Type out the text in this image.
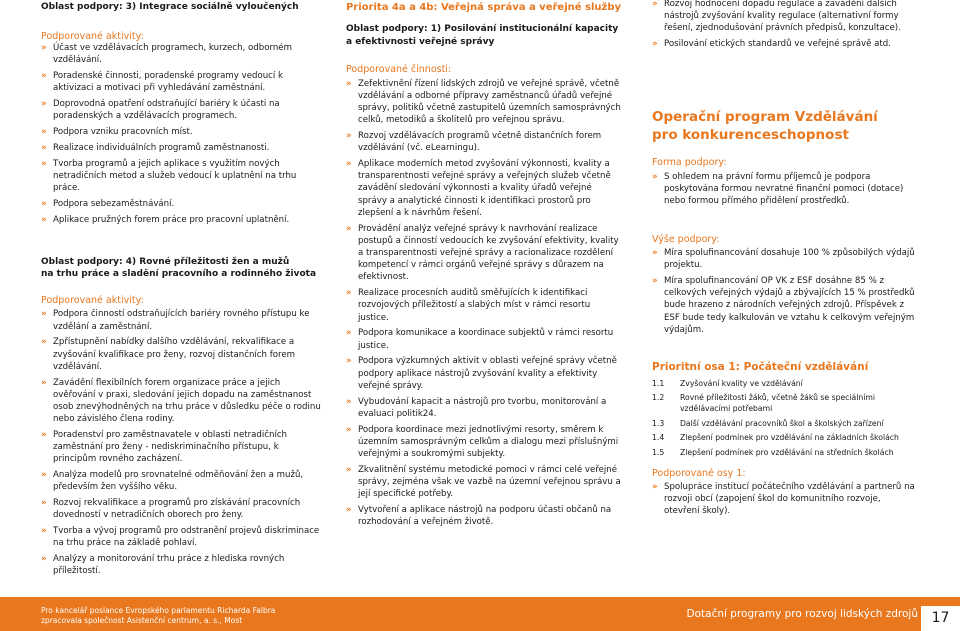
Oblast podpory: 3) Integrace sociálně vyloučených
Podporované aktivity:
» Účast ve vzdělávacích programech, kurzech, odborném vzdělávání.
» Poradenské činnosti, poradenské programy vedoucí k aktivizaci a motivaci při vyhledávání zaměstnání.
» Doprovodná opatření odstraňující bariéry k účasti na poradenských a vzdělávacích programech.
» Podpora vzniku pracovních míst.
» Realizace individuálních programů zaměstnanosti.
» Tvorba programů a jejich aplikace s využitím nových netradičních metod a služeb vedoucí k uplatnění na trhu práce.
» Podpora sebezaměstnávání.
» Aplikace pružných forem práce pro pracovní uplatnění.
Oblast podpory: 4) Rovné příležitosti žen a mužů
na trhu práce a sladění pracovního a rodinného života
Podporované aktivity:
» Podpora činností odstraňujících bariéry rovného přístupu ke vzdělání a zaměstnání.
» Zpřístupnění nabídky dalšího vzdělávání, rekvalifikace a zvyšování kvalifikace pro ženy, rozvoj distančních forem vzdělávání.
» Zavádění flexibilních forem organizace práce a jejich ověřování v praxi, sledování jejich dopadu na zaměstnanost osob znevýhodněných na trhu práce v důsledku péče o rodinu nebo závislého člena rodiny.
» Poradenství pro zaměstnavatele v oblasti netradičních zaměstnání pro ženy - nediskriminačního přístupu, k principům rovného zacházení.
» Analýza modelů pro srovnatelné odměňování žen a mužů, především žen vyššího věku.
» Rozvoj rekvalifikace a programů pro získávání pracovních dovedností v netradičních oborech pro ženy.
» Tvorba a vývoj programů pro odstranění projevů diskriminace na trhu práce na základě pohlaví.
» Analýzy a monitorování trhu práce z hlediska rovných příležitostí.
Priorita 4a a 4b: Veřejná správa a veřejné služby
Oblast podpory: 1) Posilování institucionální kapacity a efektivnosti veřejné správy
Podporované činnosti:
» Zefektivnění řízení lidských zdrojů ve veřejné správě, včetně vzdělávání a odborné přípravy zaměstnanců úřadů veřejné správy, politiků včetně zastupitelů územních samosprávných celků, metodiků a školitelů pro veřejnou správu.
» Rozvoj vzdělávacích programů včetně distančních forem vzdělávání (vč. eLearningu).
» Aplikace moderních metod zvyšování výkonnosti, kvality a transparentnosti veřejné správy a veřejných služeb včetně zavádění sledování výkonnosti a kvality úřadů veřejné správy a analytické činnosti k identifikaci prostorů pro zlepšení a k návrhům řešení.
» Provádění analýz veřejné správy k navrhování realizace postupů a činností vedoucích ke zvyšování efektivity, kvality a transparentnosti veřejné správy a racionalizace rozdělení kompetencí v rámci orgánů veřejné správy s důrazem na efektivnost.
» Realizace procesních auditů směřujících k identifikaci rozvojových příležitostí a slabých míst v rámci resortu justice.
» Podpora komunikace a koordinace subjektů v rámci resortu justice.
» Podpora výzkumných aktivit v oblasti veřejné správy včetně podpory aplikace nástrojů zvyšování kvality a efektivity veřejné správy.
» Vybudování kapacit a nástrojů pro tvorbu, monitorování a evaluaci politik24.
» Podpora koordinace mezi jednotlivými resorty, směrem k územním samosprávným celkům a dialogu mezi příslušnými veřejnými a soukromými subjekty.
» Zkvalitnění systému metodické pomoci v rámci celé veřejné správy, zejména však ve vazbě na územní veřejnou správu a její specifické potřeby.
» Vytvoření a aplikace nástrojů na podporu účasti občanů na rozhodování a veřejném životě.
» Rozvoj hodnocení dopadu regulace a zavádění dalších nástrojů zvyšování kvality regulace (alternativní formy řešení, zjednodušování právních předpisů, konzultace).
» Posilování etických standardů ve veřejné správě atd.
Operační program Vzdělávání
pro konkurenceschopnost
Forma podpory:
» S ohledem na právní formu příjemců je podpora poskytována formou nevratné finanční pomoci (dotace) nebo formou přímého přidělení prostředků.
Výše podpory:
» Míra spolufinancování dosahuje 100 % způsobilých výdajů projektu.
» Míra spolufinancování OP VK z ESF dosáhne 85 % z celkových veřejných výdajů a zbývajících 15 % prostředků bude hrazeno z národních veřejných zdrojů. Příspěvek z ESF bude tedy kalkulován ve vztahu k celkovým veřejným výdajům.
Prioritní osa 1: Počáteční vzdělávání
1.1 Zvyšování kvality ve vzdělávání
1.2 Rovné příležitosti žáků, včetně žáků se speciálními vzdělávacími potřebami
1.3 Další vzdělávání pracovníků škol a školských zařízení
1.4 Zlepšení podmínek pro vzdělávání na základních školách
1.5 Zlepšení podmínek pro vzdělávání na středních školách
Podporované osy 1:
» Spolupráce institucí počátečního vzdělávání a partnerů na rozvoji obcí (zapojení škol do komunitního rozvoje, otevření školy).
Pro kancelář poslance Evropského parlamentu Richarda Falbra
zpracovala společnost Asistenční centrum, a. s., Most	Dotační programy pro rozvoj lidských zdrojů 17
